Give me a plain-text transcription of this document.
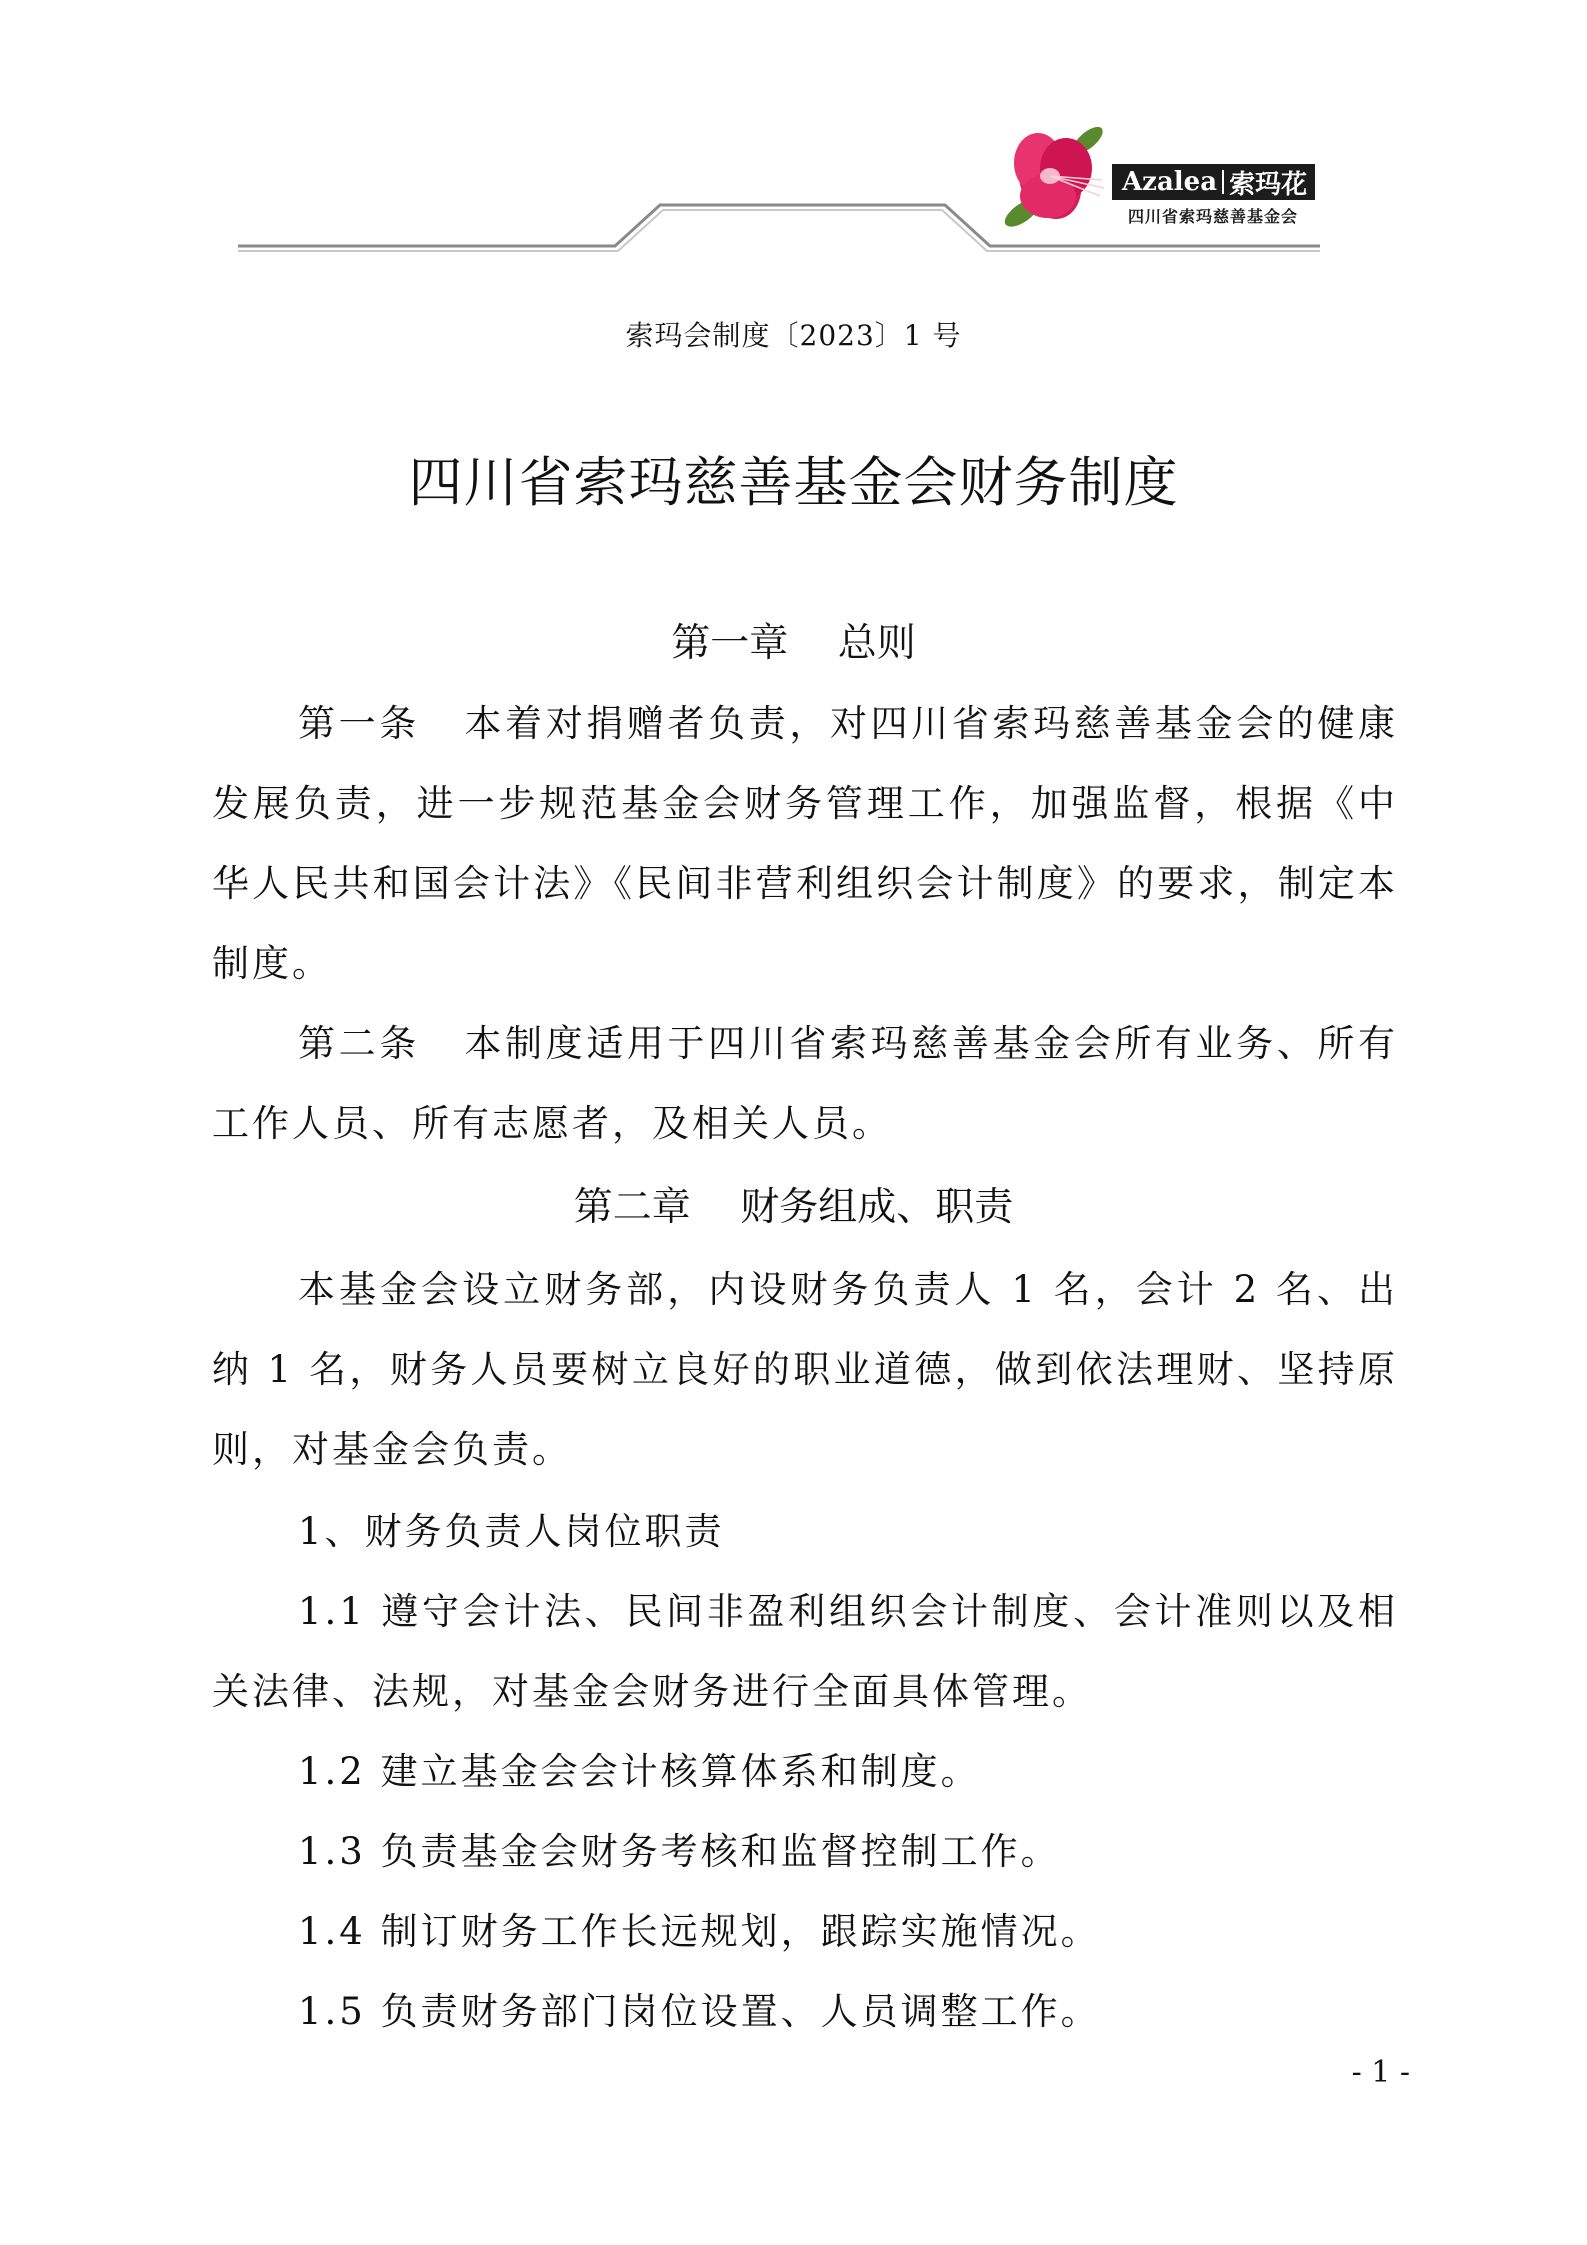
Azalea 索玛花
四川省索玛慈善基金会
索玛会制度〔2023〕1 号
四川省索玛慈善基金会财务制度
第一章    总则

第一条 本着对捐赠者负责，对四川省索玛慈善基金会的健康发展负责，进一步规范基金会财务管理工作，加强监督，根据《中华人民共和国会计法》《民间非营利组织会计制度》的要求，制定本制度。

第二条 本制度适用于四川省索玛慈善基金会所有业务、所有工作人员、所有志愿者，及相关人员。

第二章    财务组成、职责

本基金会设立财务部，内设财务负责人 1 名，会计 2 名、出纳 1 名，财务人员要树立良好的职业道德，做到依法理财、坚持原则，对基金会负责。

1、财务负责人岗位职责

1.1 遵守会计法、民间非盈利组织会计制度、会计准则以及相关法律、法规，对基金会财务进行全面具体管理。

1.2 建立基金会会计核算体系和制度。

1.3 负责基金会财务考核和监督控制工作。

1.4 制订财务工作长远规划，跟踪实施情况。

1.5 负责财务部门岗位设置、人员调整工作。

- 1 -
